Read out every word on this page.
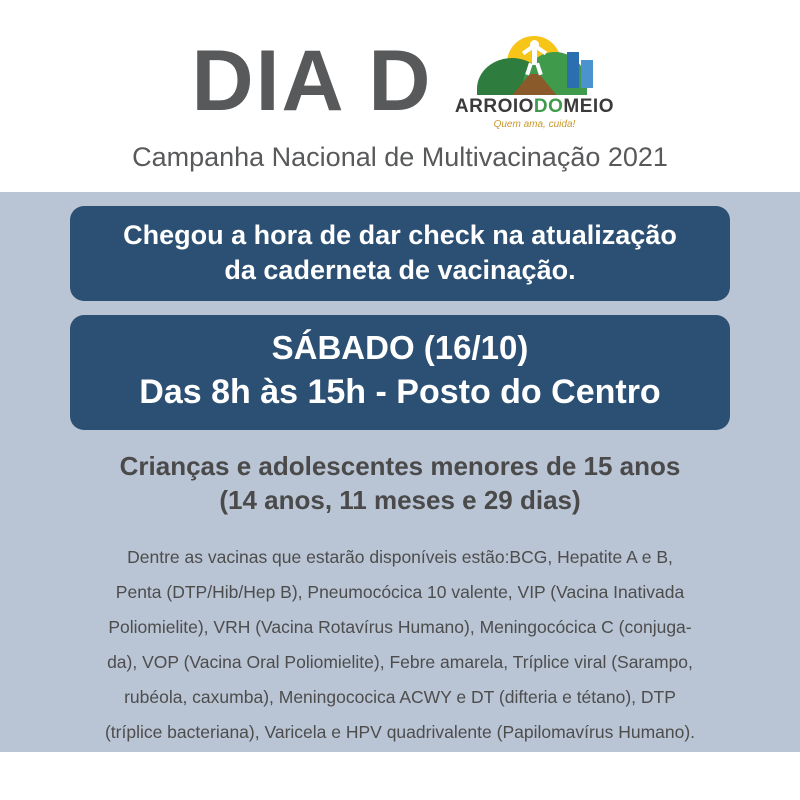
DIA D ARROIODOMEIO
Quem ama, cuida!
Campanha Nacional de Multivacinação 2021
Chegou a hora de dar check na atualização
da caderneta de vacinação.
SÁBADO (16/10)
Das 8h às 15h - Posto do Centro
Crianças e adolescentes menores de 15 anos
(14 anos, 11 meses e 29 dias)
Dentre as vacinas que estarão disponíveis estão:BCG, Hepatite A e B,
Penta (DTP/Hib/Hep B), Pneumocócica 10 valente, VIP (Vacina Inativada
Poliomielite), VRH (Vacina Rotavírus Humano), Meningocócica C (conjuga-
da), VOP (Vacina Oral Poliomielite), Febre amarela, Tríplice viral (Sarampo,
rubéola, caxumba), Meningococica ACWY e DT (difteria e tétano), DTP
(tríplice bacteriana), Varicela e HPV quadrivalente (Papilomavírus Humano).
